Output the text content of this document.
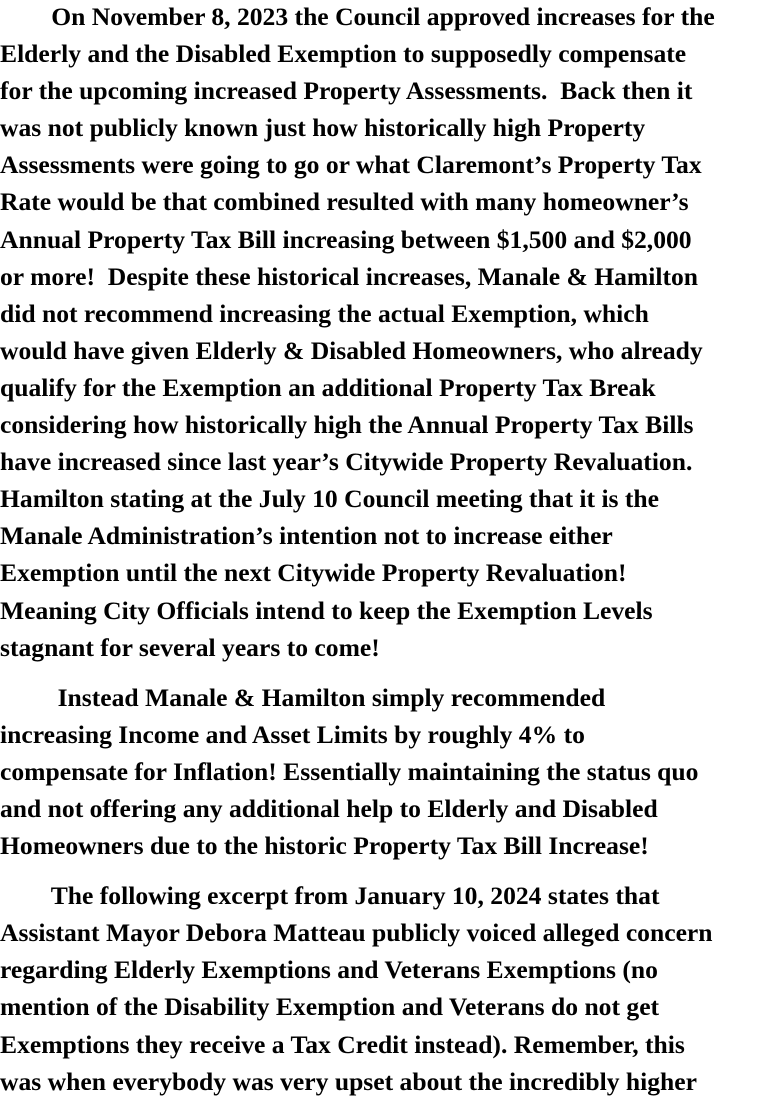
On November 8, 2023 the Council approved increases for the
Elderly and the Disabled Exemption to supposedly compensate
for the upcoming increased Property Assessments.  Back then it
was not publicly known just how historically high Property
Assessments were going to go or what Claremont’s Property Tax
Rate would be that combined resulted with many homeowner’s
Annual Property Tax Bill increasing between $1,500 and $2,000
or more!  Despite these historical increases, Manale & Hamilton
did not recommend increasing the actual Exemption, which
would have given Elderly & Disabled Homeowners, who already
qualify for the Exemption an additional Property Tax Break
considering how historically high the Annual Property Tax Bills
have increased since last year’s Citywide Property Revaluation.
Hamilton stating at the July 10 Council meeting that it is the
Manale Administration’s intention not to increase either
Exemption until the next Citywide Property Revaluation!
Meaning City Officials intend to keep the Exemption Levels
stagnant for several years to come!
Instead Manale & Hamilton simply recommended
increasing Income and Asset Limits by roughly 4% to
compensate for Inflation! Essentially maintaining the status quo
and not offering any additional help to Elderly and Disabled
Homeowners due to the historic Property Tax Bill Increase!
The following excerpt from January 10, 2024 states that
Assistant Mayor Debora Matteau publicly voiced alleged concern
regarding Elderly Exemptions and Veterans Exemptions (no
mention of the Disability Exemption and Veterans do not get
Exemptions they receive a Tax Credit instead). Remember, this
was when everybody was very upset about the incredibly higher
